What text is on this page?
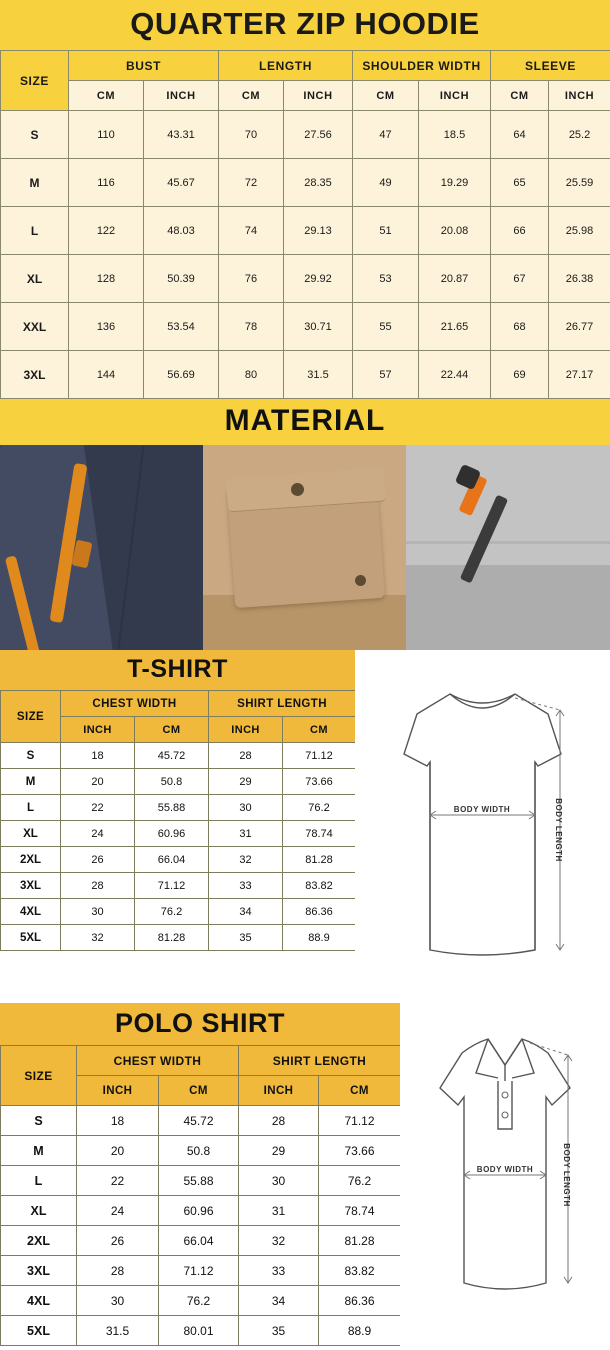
QUARTER ZIP HOODIE
SIZE	BUST		LENGTH		SHOULDER WIDTH		SLEEVE	
	CM	INCH	CM	INCH	CM	INCH	CM	INCH
S	110	43.31	70	27.56	47	18.5	64	25.2
M	116	45.67	72	28.35	49	19.29	65	25.59
L	122	48.03	74	29.13	51	20.08	66	25.98
XL	128	50.39	76	29.92	53	20.87	67	26.38
XXL	136	53.54	78	30.71	55	21.65	68	26.77
3XL	144	56.69	80	31.5	57	22.44	69	27.17
MATERIAL
T-SHIRT
SIZE	CHEST WIDTH		SHIRT LENGTH	
	INCH	CM	INCH	CM
S	18	45.72	28	71.12
M	20	50.8	29	73.66
L	22	55.88	30	76.2
XL	24	60.96	31	78.74
2XL	26	66.04	32	81.28
3XL	28	71.12	33	83.82
4XL	30	76.2	34	86.36
5XL	32	81.28	35	88.9
BODY WIDTH	BODY LENGTH
POLO SHIRT
SIZE	CHEST WIDTH		SHIRT LENGTH	
	INCH	CM	INCH	CM
S	18	45.72	28	71.12
M	20	50.8	29	73.66
L	22	55.88	30	76.2
XL	24	60.96	31	78.74
2XL	26	66.04	32	81.28
3XL	28	71.12	33	83.82
4XL	30	76.2	34	86.36
5XL	31.5	80.01	35	88.9
BODY WIDTH	BODY LENGTH
